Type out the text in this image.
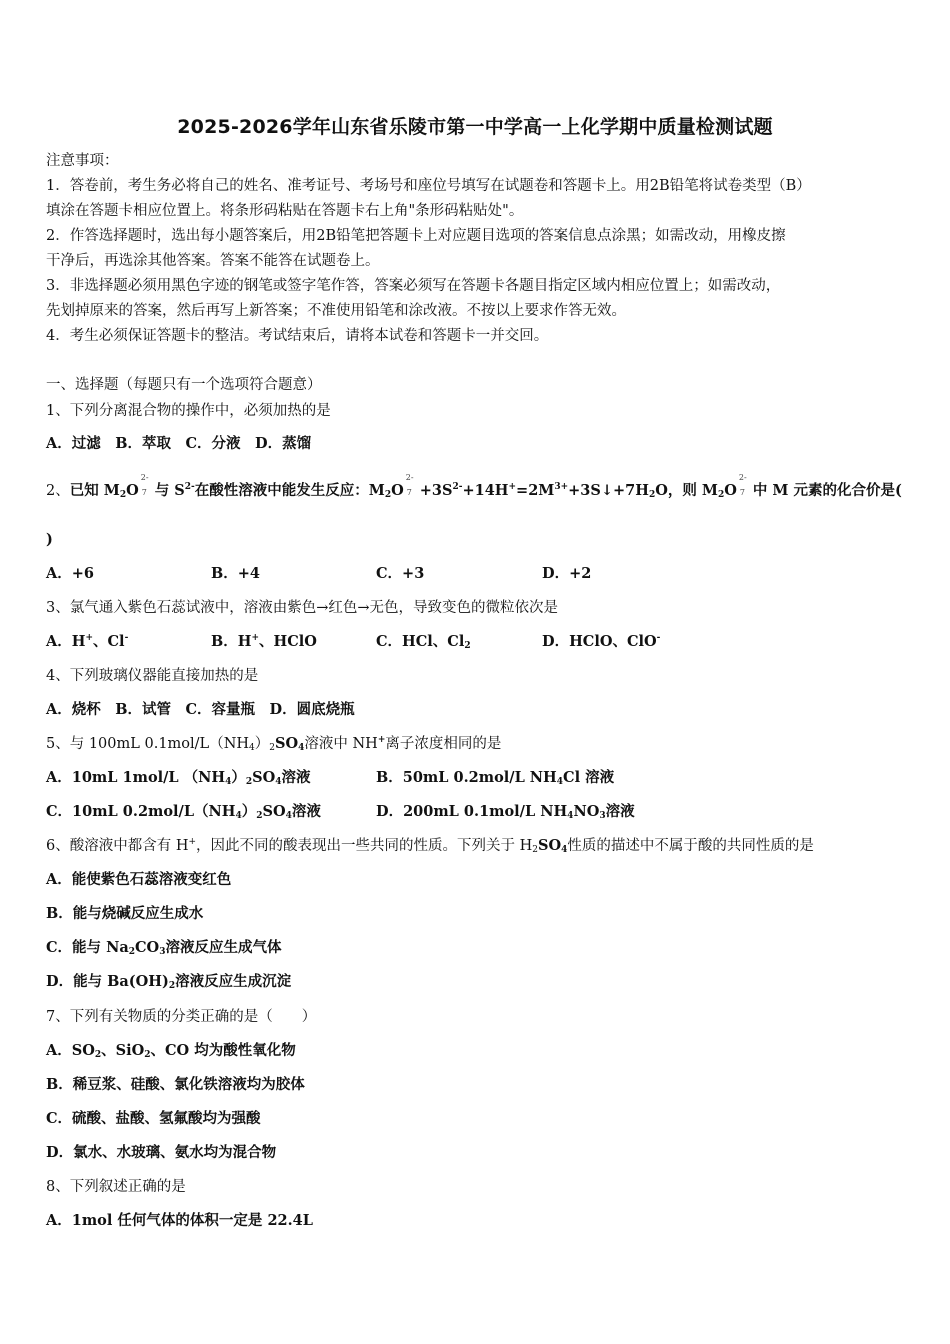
2025-2026学年山东省乐陵市第一中学高一上化学期中质量检测试题
注意事项：
1．答卷前，考生务必将自己的姓名、准考证号、考场号和座位号填写在试题卷和答题卡上。用2B铅笔将试卷类型（B）
填涂在答题卡相应位置上。将条形码粘贴在答题卡右上角"条形码粘贴处"。
2．作答选择题时，选出每小题答案后，用2B铅笔把答题卡上对应题目选项的答案信息点涂黑；如需改动，用橡皮擦
干净后，再选涂其他答案。答案不能答在试题卷上。
3．非选择题必须用黑色字迹的钢笔或签字笔作答，答案必须写在答题卡各题目指定区域内相应位置上；如需改动，
先划掉原来的答案，然后再写上新答案；不准使用铅笔和涂改液。不按以上要求作答无效。
4．考生必须保证答题卡的整洁。考试结束后，请将本试卷和答题卡一并交回。
一、选择题（每题只有一个选项符合题意）
1、下列分离混合物的操作中，必须加热的是
A．过滤　B．萃取　C．分液　D．蒸馏
2、已知 $M_2O$
2-
7 与 $S^{2-}$在酸性溶液中能发生反应：$M_2O$
2-
$7 +3S^{2-}+14H^+=2M^{3+}+3S↓+7H_2O$，则 $M_2O$
2-
7 中 M 元素的化合价是(
)
A．+6	B．+4	C．+3	D．+2
3、氯气通入紫色石蕊试液中，溶液由紫色→红色→无色，导致变色的微粒依次是
A．H+、Cl-	B．H+、HClO	C．HCl、$Cl_2$	D．HClO、ClO-
4、下列玻璃仪器能直接加热的是
A．烧杯　B．试管　C．容量瓶　D．圆底烧瓶
5、与 100mL $0.1mol/L(NH_4)_2SO_4$溶液中 NH+离子浓度相同的是
A．10mL 1mol/L $(NH_4)_2SO_4$溶液	B．50mL 0.2mol/L $NH_4Cl$ 溶液
C．10mL $0.2mol/L(NH_4)_2SO_4$溶液	D．200mL 0.1mol/L $NH_4NO_3$溶液
6、酸溶液中都含有 H+，因此不同的酸表现出一些共同的性质。下列关于 $H_2SO_4$性质的描述中不属于酸的共同性质的是
A．能使紫色石蕊溶液变红色
B．能与烧碱反应生成水
C．能与 $Na_2CO_3$溶液反应生成气体
D．能与 $Ba(OH)_2$溶液反应生成沉淀
7、下列有关物质的分类正确的是（　　）
A．$SO_2$、SiO$_2$、CO 均为酸性氧化物
B．稀豆浆、硅酸、氯化铁溶液均为胶体
C．硫酸、盐酸、氢氟酸均为强酸
D．氯水、水玻璃、氨水均为混合物
8、下列叙述正确的是
A．1mol 任何气体的体积一定是 22.4L
